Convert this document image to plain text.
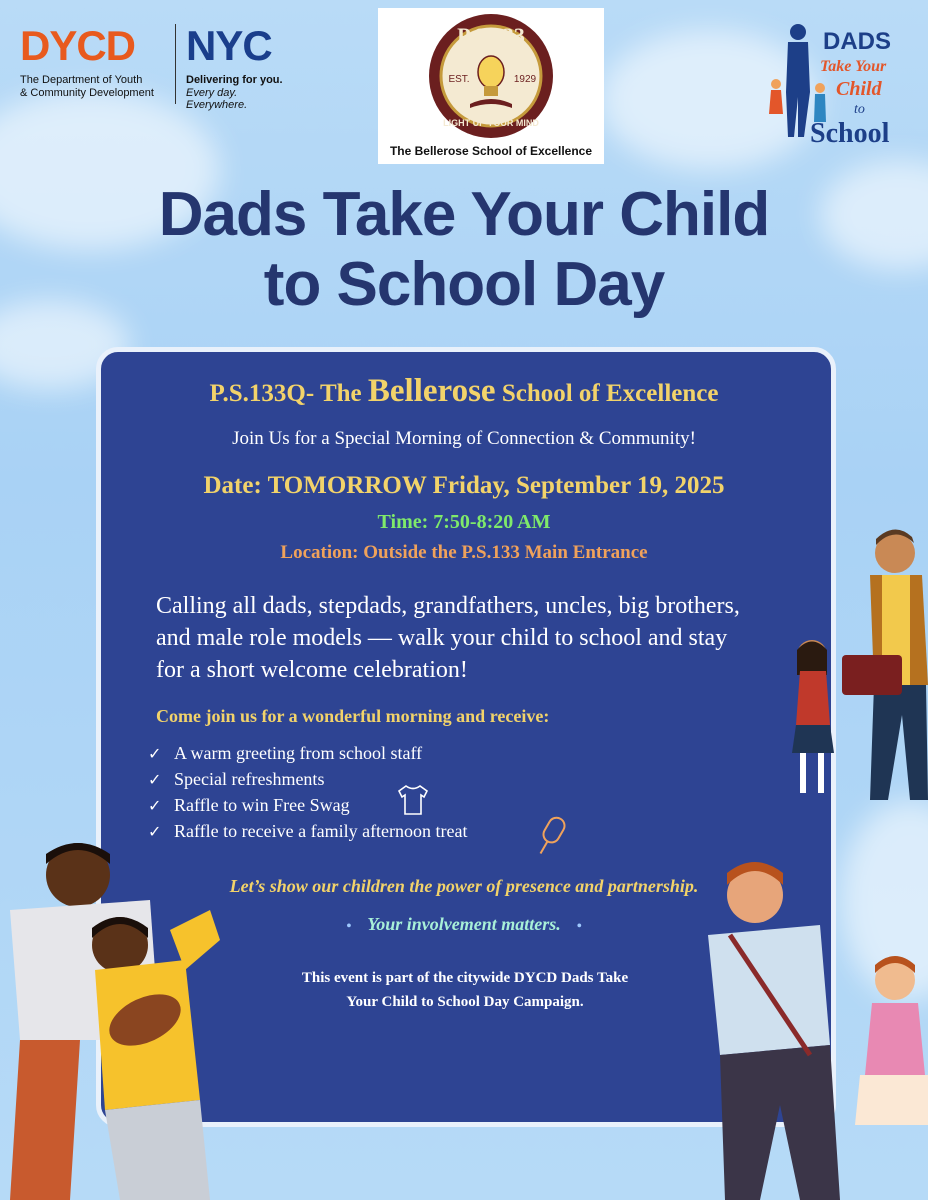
DYCD
The Department of Youth
& Community Development
NYC
Delivering for you.
Every day. Everywhere.
P.S.133
EST.	1929
LIGHT UP YOUR MIND
The Bellerose School of Excellence
DADS
Take Your
Child
to
School
Dads Take Your Child
to School Day
P.S.133Q- The Bellerose School of Excellence
Join Us for a Special Morning of Connection & Community!
Date: TOMORROW Friday, September 19, 2025
Time: 7:50-8:20 AM
Location: Outside the P.S.133 Main Entrance
Calling all dads, stepdads, grandfathers, uncles, big brothers, and male role models — walk your child to school and stay for a short welcome celebration!
Come join us for a wonderful morning and receive:
✓ A warm greeting from school staff
✓ Special refreshments
✓ Raffle to win Free Swag
✓ Raffle to receive a family afternoon treat
Let’s show our children the power of presence and partnership.
• Your involvement matters. •
This event is part of the citywide DYCD Dads Take Your Child to School Day Campaign.
